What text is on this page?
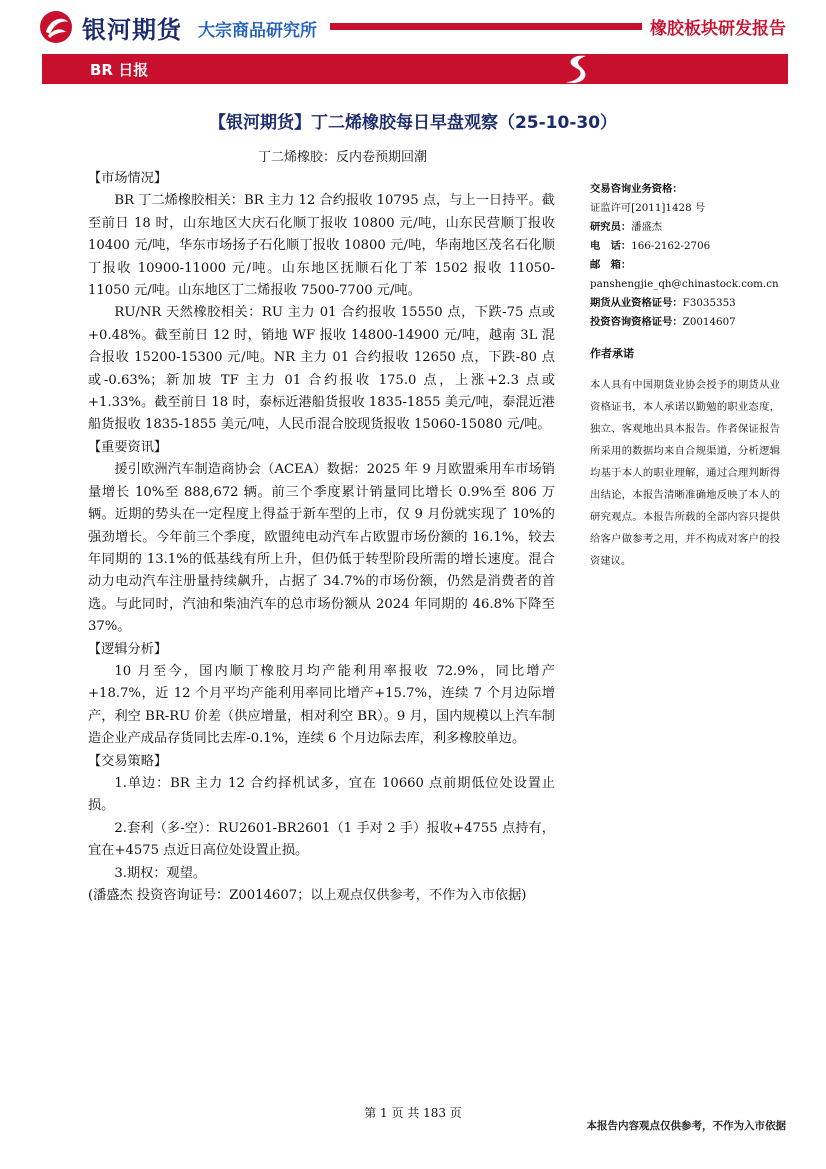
银河期货 大宗商品研究所	橡胶板块研发报告
BR 日报
【银河期货】丁二烯橡胶每日早盘观察（25-10-30）
丁二烯橡胶：反内卷预期回潮

【市场情况】

BR 丁二烯橡胶相关：BR 主力 12 合约报收 10795 点，与上一日持平。截至前日 18 时，山东地区大庆石化顺丁报收 10800 元/吨，山东民营顺丁报收 10400 元/吨，华东市场扬子石化顺丁报收 10800 元/吨，华南地区茂名石化顺丁报收 10900-11000 元/吨。山东地区抚顺石化丁苯 1502 报收 11050-11050 元/吨。山东地区丁二烯报收 7500-7700 元/吨。

RU/NR 天然橡胶相关：RU 主力 01 合约报收 15550 点，下跌-75 点或+0.48%。截至前日 12 时，销地 WF 报收 14800-14900 元/吨，越南 3L 混合报收 15200-15300 元/吨。NR 主力 01 合约报收 12650 点，下跌-80 点或-0.63%；新加坡 TF 主力 01 合约报收 175.0 点，上涨+2.3 点或+1.33%。截至前日 18 时，泰标近港船货报收 1835-1855 美元/吨，泰混近港船货报收 1835-1855 美元/吨，人民币混合胶现货报收 15060-15080 元/吨。

【重要资讯】

援引欧洲汽车制造商协会（ACEA）数据：2025 年 9 月欧盟乘用车市场销量增长 10%至 888,672 辆。前三个季度累计销量同比增长 0.9%至 806 万辆。近期的势头在一定程度上得益于新车型的上市，仅 9 月份就实现了 10%的强劲增长。今年前三个季度，欧盟纯电动汽车占欧盟市场份额的 16.1%，较去年同期的 13.1%的低基线有所上升，但仍低于转型阶段所需的增长速度。混合动力电动汽车注册量持续飙升，占据了 34.7%的市场份额，仍然是消费者的首选。与此同时，汽油和柴油汽车的总市场份额从 2024 年同期的 46.8%下降至 37%。

【逻辑分析】

10 月至今，国内顺丁橡胶月均产能利用率报收 72.9%，同比增产+18.7%，近 12 个月平均产能利用率同比增产+15.7%，连续 7 个月边际增产，利空 BR-RU 价差（供应增量，相对利空 BR）。9 月，国内规模以上汽车制造企业产成品存货同比去库-0.1%，连续 6 个月边际去库，利多橡胶单边。

【交易策略】

1.单边：BR 主力 12 合约择机试多，宜在 10660 点前期低位处设置止损。

2.套利（多-空）：RU2601-BR2601（1 手对 2 手）报收+4755 点持有，宜在+4575 点近日高位处设置止损。

3.期权：观望。

(潘盛杰 投资咨询证号：Z0014607；以上观点仅供参考，不作为入市依据)

交易咨询业务资格：

证监许可[2011]1428 号

研究员：潘盛杰

电　话：166-2162-2706

邮　箱：

panshengjie_qh@chinastock.com.cn

期货从业资格证号：F3035353

投资咨询资格证号：Z0014607

作者承诺

本人具有中国期货业协会授予的期货从业资格证书，本人承诺以勤勉的职业态度，独立、客观地出具本报告。作者保证报告所采用的数据均来自合规渠道，分析逻辑均基于本人的职业理解，通过合理判断得出结论，本报告清晰准确地反映了本人的研究观点。本报告所载的全部内容只提供给客户做参考之用，并不构成对客户的投资建议。

第 1 页 共 183 页
本报告内容观点仅供参考，不作为入市依据
